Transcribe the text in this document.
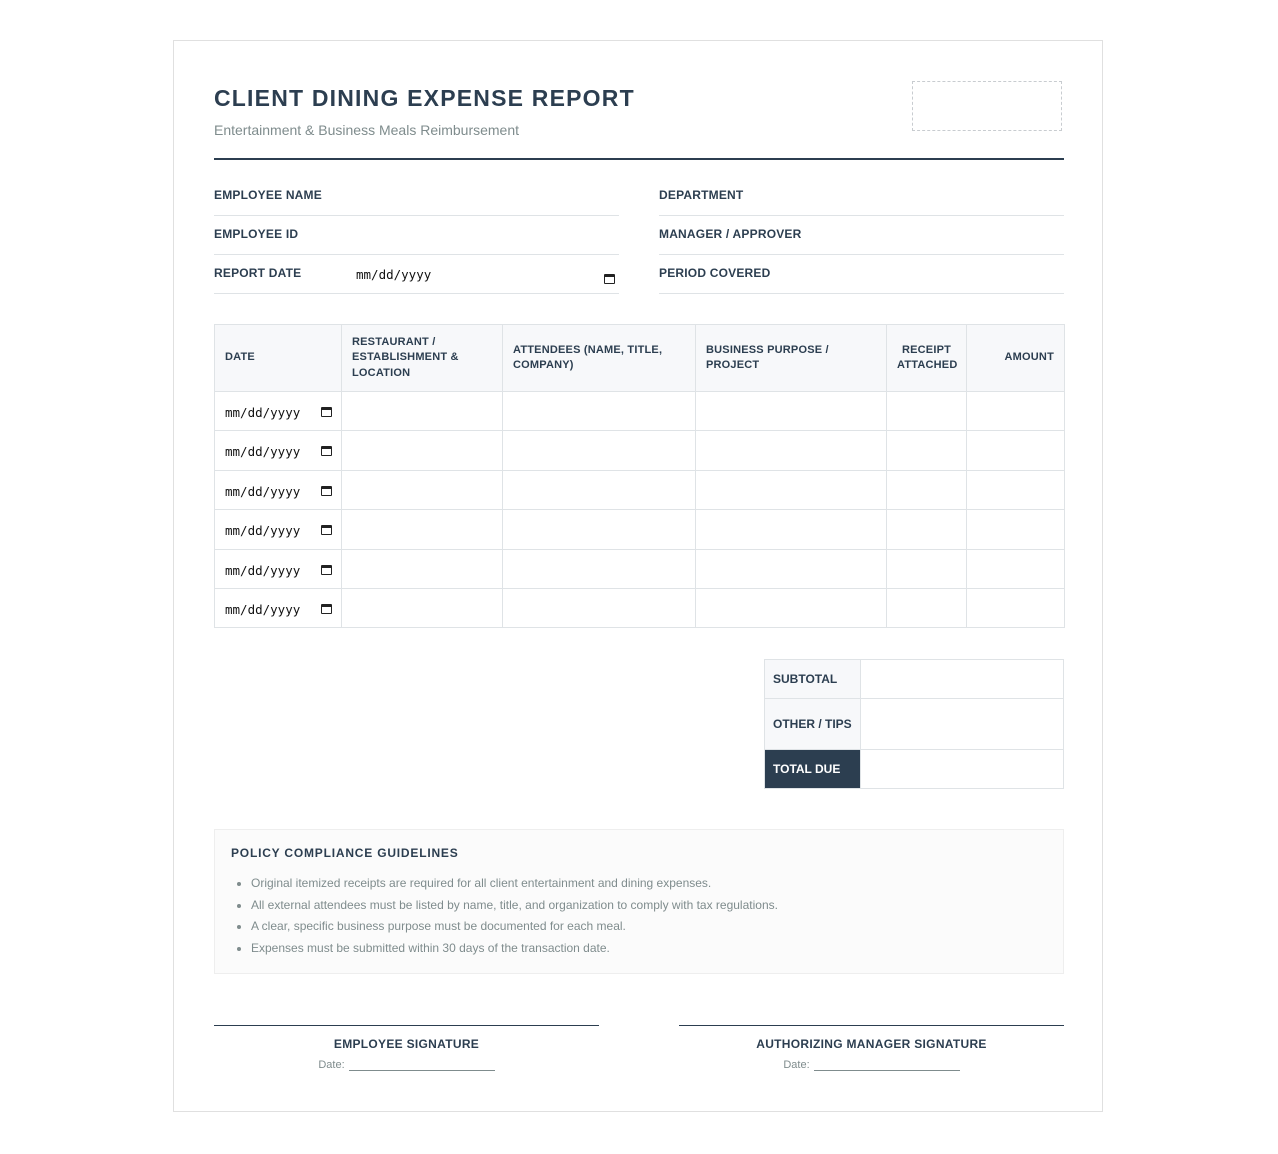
CLIENT DINING EXPENSE REPORT
Entertainment & Business Meals Reimbursement
EMPLOYEE NAME	DEPARTMENT
EMPLOYEE ID	MANAGER / APPROVER
REPORT DATE	mm/dd/yyyy	PERIOD COVERED
DATE	RESTAURANT / ESTABLISHMENT & LOCATION	ATTENDEES (NAME, TITLE, COMPANY)	BUSINESS PURPOSE / PROJECT	RECEIPT ATTACHED	AMOUNT

mm/dd/yyyy					

mm/dd/yyyy					

mm/dd/yyyy					

mm/dd/yyyy					

mm/dd/yyyy					

mm/dd/yyyy					

SUBTOTAL	
OTHER / TIPS	
TOTAL DUE	
POLICY COMPLIANCE GUIDELINES
Original itemized receipts are required for all client entertainment and dining expenses.
All external attendees must be listed by name, title, and organization to comply with tax regulations.
A clear, specific business purpose must be documented for each meal.
Expenses must be submitted within 30 days of the transaction date.
EMPLOYEE SIGNATURE
Date:
AUTHORIZING MANAGER SIGNATURE
Date:
